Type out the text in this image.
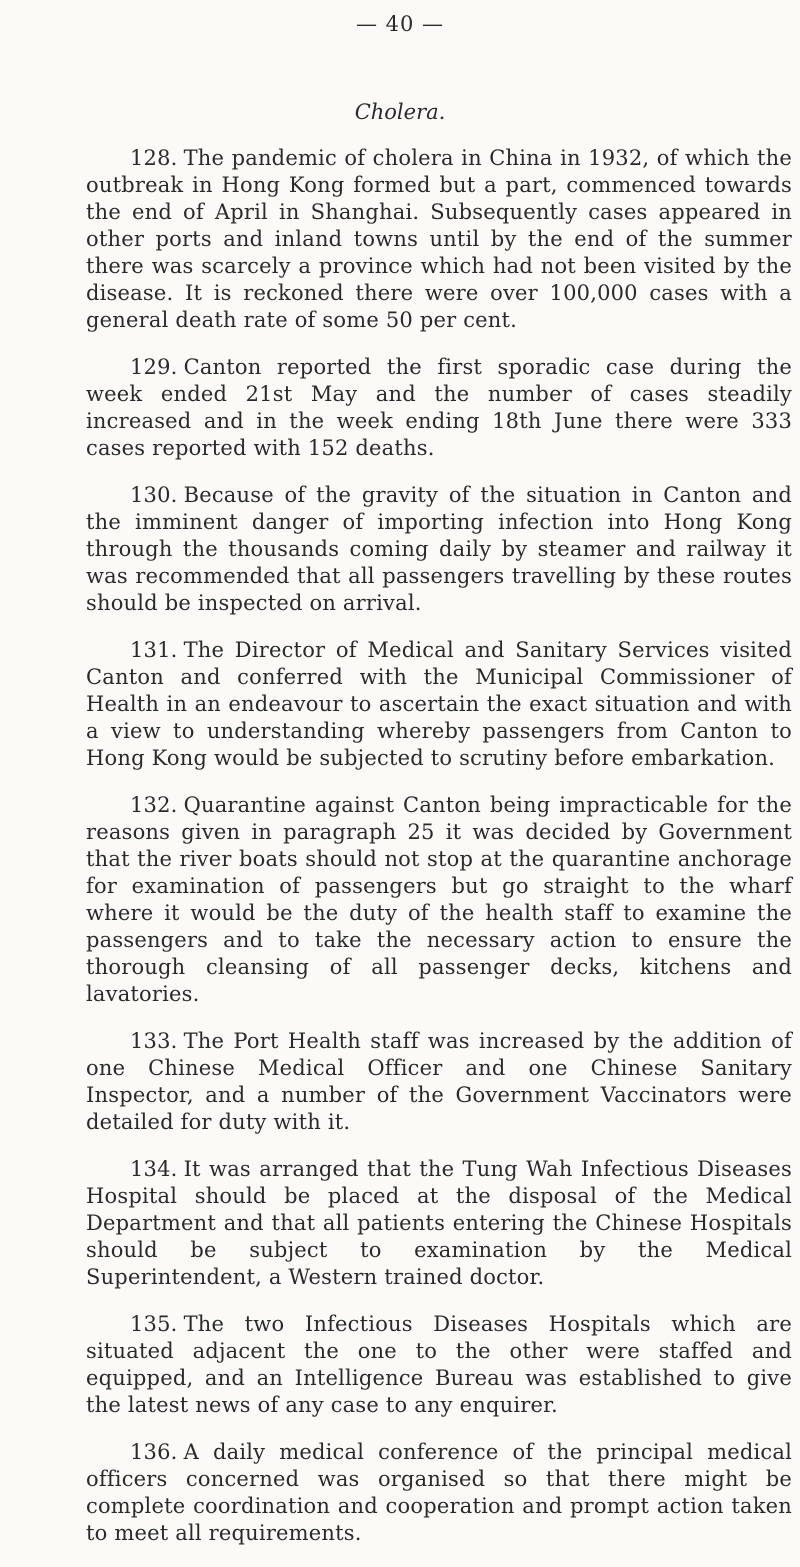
— 40 —
Cholera.

128. The pandemic of cholera in China in 1932, of which the outbreak in Hong Kong formed but a part, commenced towards the end of April in Shanghai. Subsequently cases appeared in other ports and inland towns until by the end of the summer there was scarcely a province which had not been visited by the disease. It is reckoned there were over 100,000 cases with a general death rate of some 50 per cent.

129. Canton reported the first sporadic case during the week ended 21st May and the number of cases steadily increased and in the week ending 18th June there were 333 cases reported with 152 deaths.

130. Because of the gravity of the situation in Canton and the imminent danger of importing infection into Hong Kong through the thousands coming daily by steamer and railway it was recommended that all passengers travelling by these routes should be inspected on arrival.

131. The Director of Medical and Sanitary Services visited Canton and conferred with the Municipal Commissioner of Health in an endeavour to ascertain the exact situation and with a view to understanding whereby passengers from Canton to Hong Kong would be subjected to scrutiny before embarkation.

132. Quarantine against Canton being impracticable for the reasons given in paragraph 25 it was decided by Government that the river boats should not stop at the quarantine anchorage for examination of passengers but go straight to the wharf where it would be the duty of the health staff to examine the passengers and to take the necessary action to ensure the thorough cleansing of all passenger decks, kitchens and lavatories.

133. The Port Health staff was increased by the addition of one Chinese Medical Officer and one Chinese Sanitary Inspector, and a number of the Government Vaccinators were detailed for duty with it.

134. It was arranged that the Tung Wah Infectious Diseases Hospital should be placed at the disposal of the Medical Department and that all patients entering the Chinese Hospitals should be subject to examination by the Medical Superintendent, a Western trained doctor.

135. The two Infectious Diseases Hospitals which are situated adjacent the one to the other were staffed and equipped, and an Intelligence Bureau was established to give the latest news of any case to any enquirer.

136. A daily medical conference of the principal medical officers concerned was organised so that there might be complete coordination and cooperation and prompt action taken to meet all requirements.
